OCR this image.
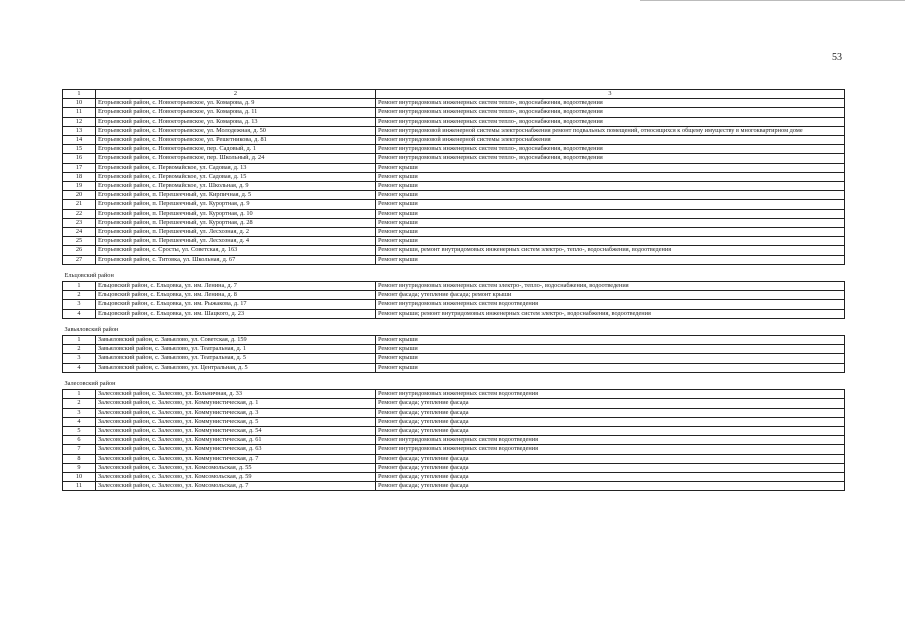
53
1	2	3
10	Егорьевский район, с. Новоегорьевское, ул. Комарова, д. 9	Ремонт внутридомовых инженерных систем тепло-, водоснабжения, водоотведения
11	Егорьевский район, с. Новоегорьевское, ул. Комарова, д. 11	Ремонт внутридомовых инженерных систем тепло-, водоснабжения, водоотведения
12	Егорьевский район, с. Новоегорьевское, ул. Комарова, д. 13	Ремонт внутридомовых инженерных систем тепло-, водоснабжения, водоотведения
13	Егорьевский район, с. Новоегорьевское, ул. Молодежная, д. 50	Ремонт внутридомовой инженерной системы электроснабжения ремонт подвальных помещений, относящихся к общему имуществу в многоквартирном доме
14	Егорьевский район, с. Новоегорьевское, ул. Решетникова, д. 81	Ремонт внутридомовой инженерной системы электроснабжения
15	Егорьевский район, с. Новоегорьевское, пер. Садовый, д. 1	Ремонт внутридомовых инженерных систем тепло-, водоснабжения, водоотведения
16	Егорьевский район, с. Новоегорьевское, пер. Школьный, д. 24	Ремонт внутридомовых инженерных систем тепло-, водоснабжения, водоотведения
17	Егорьевский район, с. Первомайское, ул. Садовая, д. 13	Ремонт крыши
18	Егорьевский район, с. Первомайское, ул. Садовая, д. 15	Ремонт крыши
19	Егорьевский район, с. Первомайское, ул. Школьная, д. 9	Ремонт крыши
20	Егорьевский район, п. Перешеечный, ул. Кирпичная, д. 5	Ремонт крыши
21	Егорьевский район, п. Перешеечный, ул. Курортная, д. 9	Ремонт крыши
22	Егорьевский район, п. Перешеечный, ул. Курортная, д. 10	Ремонт крыши
23	Егорьевский район, п. Перешеечный, ул. Курортная, д. 28	Ремонт крыши
24	Егорьевский район, п. Перешеечный, ул. Лесхозная, д. 2	Ремонт крыши
25	Егорьевский район, п. Перешеечный, ул. Лесхозная, д. 4	Ремонт крыши
26	Егорьевский район, с. Сросты, ул. Советская, д. 163	Ремонт крыши, ремонт внутридомовых инженерных систем электро-, тепло-, водоснабжения, водоотведения
27	Егорьевский район, с. Титовка, ул. Школьная, д. 67	Ремонт крыши
Ельцовский район		
1	Ельцовский район, с. Ельцовка, ул. им. Ленина, д. 7	Ремонт внутридомовых инженерных систем электро-, тепло-, водоснабжения, водоотведения
2	Ельцовский район, с. Ельцовка, ул. им. Ленина, д. 8	Ремонт фасада; утепление фасада; ремонт крыши
3	Ельцовский район, с. Ельцовка, ул. им. Рыжакова, д. 17	Ремонт внутридомовых инженерных систем водоотведения
4	Ельцовский район, с. Ельцовка, ул. им. Шацкого, д. 23	Ремонт крыши; ремонт внутридомовых инженерных систем электро-, водоснабжения, водоотведения
Завьяловский район		
1	Завьяловский район, с. Завьялово, ул. Советская, д. 159	Ремонт крыши
2	Завьяловский район, с. Завьялово, ул. Театральная, д. 1	Ремонт крыши
3	Завьяловский район, с. Завьялово, ул. Театральная, д. 5	Ремонт крыши
4	Завьяловский район, с. Завьялово, ул. Центральная, д. 5	Ремонт крыши
Залесовский район		
1	Залесовский район, с. Залесово, ул. Больничная, д. 33	Ремонт внутридомовых инженерных систем водоотведения
2	Залесовский район, с. Залесово, ул. Коммунистическая, д. 1	Ремонт фасада; утепление фасада
3	Залесовский район, с. Залесово, ул. Коммунистическая, д. 3	Ремонт фасада; утепление фасада
4	Залесовский район, с. Залесово, ул. Коммунистическая, д. 5	Ремонт фасада; утепление фасада
5	Залесовский район, с. Залесово, ул. Коммунистическая, д. 54	Ремонт фасада; утепление фасада
6	Залесовский район, с. Залесово, ул. Коммунистическая, д. 61	Ремонт внутридомовых инженерных систем водоотведения
7	Залесовский район, с. Залесово, ул. Коммунистическая, д. 63	Ремонт внутридомовых инженерных систем водоотведения
8	Залесовский район, с. Залесово, ул. Коммунистическая, д. 7	Ремонт фасада; утепление фасада
9	Залесовский район, с. Залесово, ул. Комсомольская, д. 55	Ремонт фасада; утепление фасада
10	Залесовский район, с. Залесово, ул. Комсомольская, д. 59	Ремонт фасада; утепление фасада
11	Залесовский район, с. Залесово, ул. Комсомольская, д. 7	Ремонт фасада; утепление фасада
